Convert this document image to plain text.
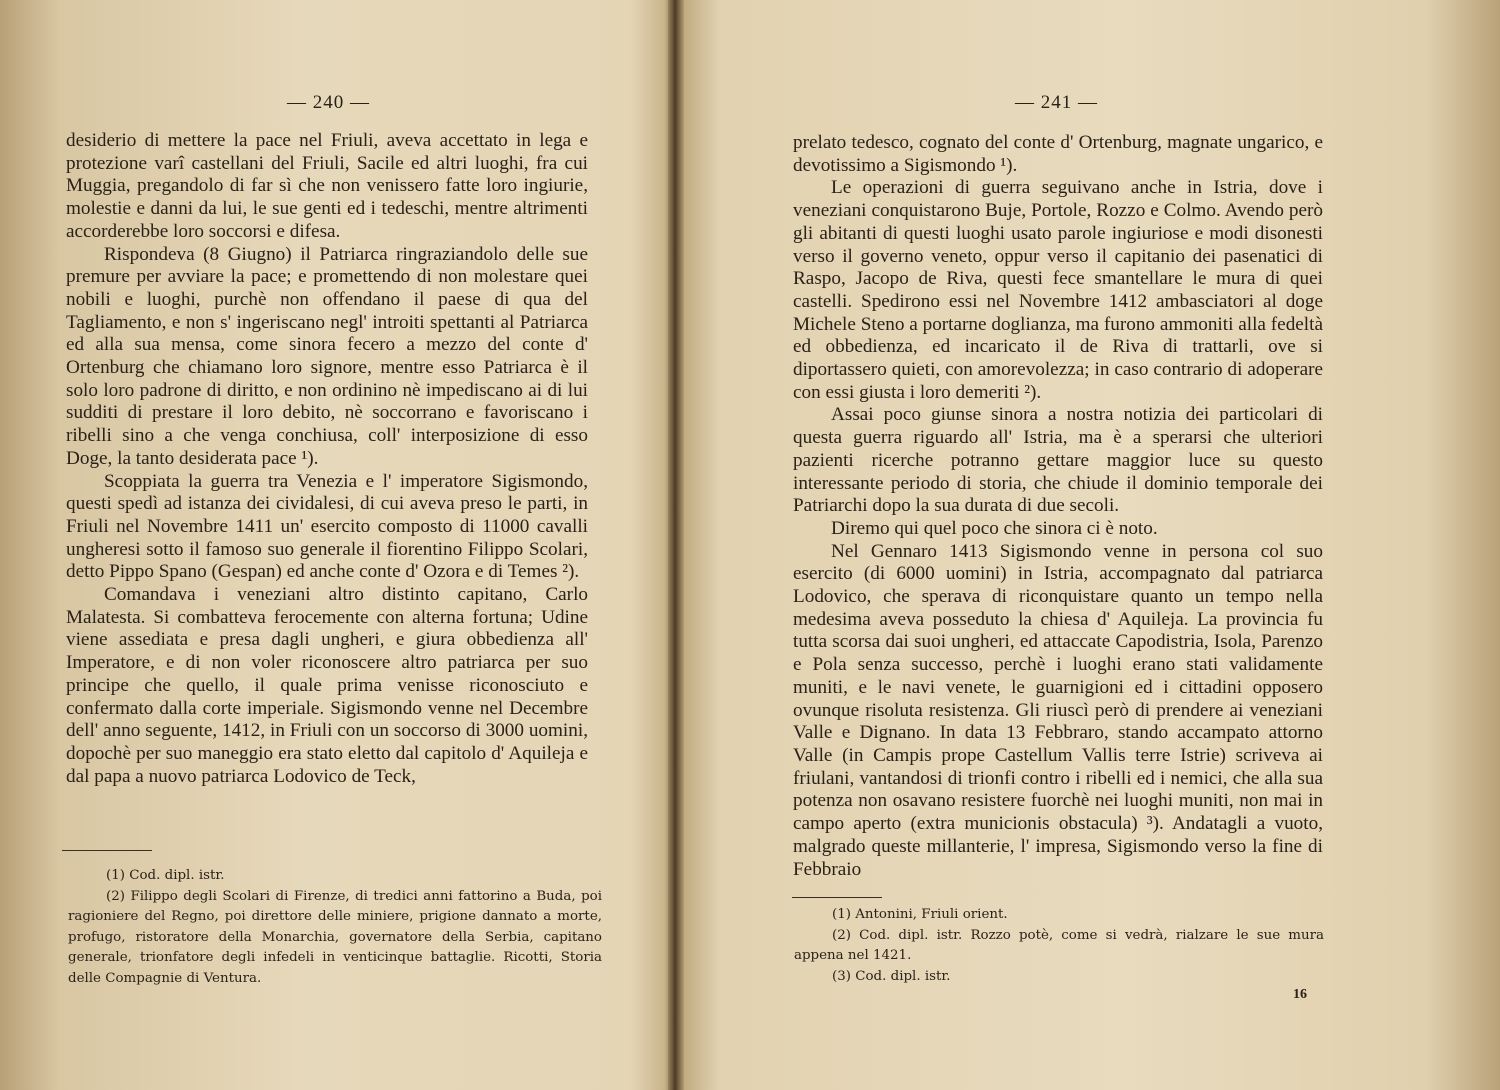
— 240 —

desiderio di mettere la pace nel Friuli, aveva accettato in lega e protezione varî castellani del Friuli, Sacile ed altri luoghi, fra cui Muggia, pregandolo di far sì che non venissero fatte loro ingiurie, molestie e danni da lui, le sue genti ed i tedeschi, mentre altrimenti accorderebbe loro soccorsi e difesa.

Rispondeva (8 Giugno) il Patriarca ringraziandolo delle sue premure per avviare la pace; e promettendo di non molestare quei nobili e luoghi, purchè non offendano il paese di qua del Tagliamento, e non s' ingeriscano negl' introiti spettanti al Patriarca ed alla sua mensa, come sinora fecero a mezzo del conte d' Ortenburg che chiamano loro signore, mentre esso Patriarca è il solo loro padrone di diritto, e non ordinino nè impediscano ai di lui sudditi di prestare il loro debito, nè soccorrano e favoriscano i ribelli sino a che venga conchiusa, coll' interposizione di esso Doge, la tanto desiderata pace ¹).

Scoppiata la guerra tra Venezia e l' imperatore Sigismondo, questi spedì ad istanza dei cividalesi, di cui aveva preso le parti, in Friuli nel Novembre 1411 un' esercito composto di 11000 cavalli ungheresi sotto il famoso suo generale il fiorentino Filippo Scolari, detto Pippo Spano (Gespan) ed anche conte d' Ozora e di Temes ²).

Comandava i veneziani altro distinto capitano, Carlo Malatesta. Si combatteva ferocemente con alterna fortuna; Udine viene assediata e presa dagli ungheri, e giura obbedienza all' Imperatore, e di non voler riconoscere altro patriarca per suo principe che quello, il quale prima venisse riconosciuto e confermato dalla corte imperiale. Sigismondo venne nel Decembre dell' anno seguente, 1412, in Friuli con un soccorso di 3000 uomini, dopochè per suo maneggio era stato eletto dal capitolo d' Aquileja e dal papa a nuovo patriarca Lodovico de Teck,

(1) Cod. dipl. istr.

(2) Filippo degli Scolari di Firenze, di tredici anni fattorino a Buda, poi ragioniere del Regno, poi direttore delle miniere, prigione dannato a morte, profugo, ristoratore della Monarchia, governatore della Serbia, capitano generale, trionfatore degli infedeli in venticinque battaglie. Ricotti, Storia delle Compagnie di Ventura.

— 241 —

prelato tedesco, cognato del conte d' Ortenburg, magnate ungarico, e devotissimo a Sigismondo ¹).

Le operazioni di guerra seguivano anche in Istria, dove i veneziani conquistarono Buje, Portole, Rozzo e Colmo. Avendo però gli abitanti di questi luoghi usato parole ingiuriose e modi disonesti verso il governo veneto, oppur verso il capitanio dei pasenatici di Raspo, Jacopo de Riva, questi fece smantellare le mura di quei castelli. Spedirono essi nel Novembre 1412 ambasciatori al doge Michele Steno a portarne doglianza, ma furono ammoniti alla fedeltà ed obbedienza, ed incaricato il de Riva di trattarli, ove si diportassero quieti, con amorevolezza; in caso contrario di adoperare con essi giusta i loro demeriti ²).

Assai poco giunse sinora a nostra notizia dei particolari di questa guerra riguardo all' Istria, ma è a sperarsi che ulteriori pazienti ricerche potranno gettare maggior luce su questo interessante periodo di storia, che chiude il dominio temporale dei Patriarchi dopo la sua durata di due secoli.

Diremo qui quel poco che sinora ci è noto.

Nel Gennaro 1413 Sigismondo venne in persona col suo esercito (di 6000 uomini) in Istria, accompagnato dal patriarca Lodovico, che sperava di riconquistare quanto un tempo nella medesima aveva posseduto la chiesa d' Aquileja. La provincia fu tutta scorsa dai suoi ungheri, ed attaccate Capodistria, Isola, Parenzo e Pola senza successo, perchè i luoghi erano stati validamente muniti, e le navi venete, le guarnigioni ed i cittadini opposero ovunque risoluta resistenza. Gli riuscì però di prendere ai veneziani Valle e Dignano. In data 13 Febbraro, stando accampato attorno Valle (in Campis prope Castellum Vallis terre Istrie) scriveva ai friulani, vantandosi di trionfi contro i ribelli ed i nemici, che alla sua potenza non osavano resistere fuorchè nei luoghi muniti, non mai in campo aperto (extra municionis obstacula) ³). Andatagli a vuoto, malgrado queste millanterie, l' impresa, Sigismondo verso la fine di Febbraio

(1) Antonini, Friuli orient.

(2) Cod. dipl. istr. Rozzo potè, come si vedrà, rialzare le sue mura appena nel 1421.

(3) Cod. dipl. istr.

16
